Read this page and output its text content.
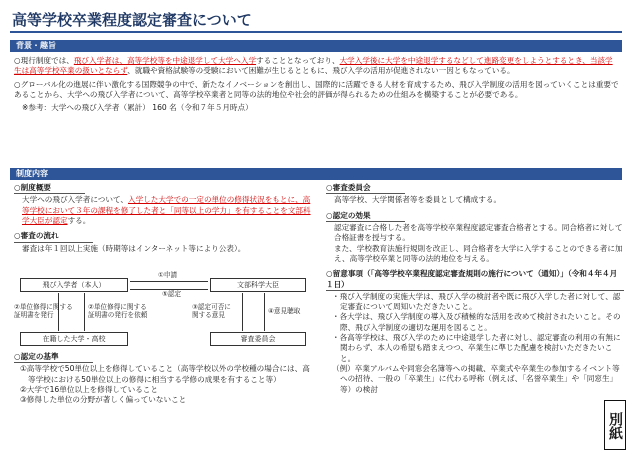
高等学校卒業程度認定審査について
背景・趣旨
○現行制度では、飛び入学者は、高等学校等を中途退学して大学へ入学することとなっており、大学入学後に大学を中途退学するなどして進路変更をしようとするとき、当該学生は高等学校卒業の扱いとならず、就職や資格試験等の受験において困難が生じるとともに、飛び入学の活用が促進されない一因ともなっている。
○グローバル化の進展に伴い激化する国際競争の中で、新たなイノベーションを創出し、国際的に活躍できる人材を育成するため、飛び入学制度の活用を図っていくことは重要であることから、大学への飛び入学者について、高等学校卒業者と同等の法的地位や社会的評価が得られるための仕組みを構築することが必要である。
※参考：大学への飛び入学者（累計） 160 名（令和７年５月時点）
制度内容
○制度概要
大学への飛び入学者について、入学した大学での一定の単位の修得状況をもとに、高等学校において３年の課程を修了した者と「同等以上の学力」を有することを文部科学大臣が認定する。
○審査の流れ
審査は年１回以上実施（時期等はインターネット等により公表）。
飛び入学者（本人）	文部科学大臣
在籍した大学・高校	審査委員会
①申請
⑤認定
②単位修得に関する
証明書を発行
②単位修得に関する
証明書の発行を依頼
③認定可否に
関する意見	④意見聴取
○認定の基準
①高等学校で50単位以上を修得していること（高等学校以外の学校種の場合には、高等学校における50単位以上の修得に相当する学修の成果を有すること等）
②大学で16単位以上を修得していること
③修得した単位の分野が著しく偏っていないこと
○審査委員会
高等学校、大学関係者等を委員として構成する。
○認定の効果
認定審査に合格した者を高等学校卒業程度認定審査合格者とする。同合格者に対して合格証書を授与する。
また、学校教育法施行規則を改正し、同合格者を大学に入学することのできる者に加え、高等学校卒業と同等の法的地位を与える。
○留意事項（「高等学校卒業程度認定審査規則の施行について（通知）」（令和４年４月１日）
・飛び入学制度の実施大学は、飛び入学の検討者や既に飛び入学した者に対して、認定審査について周知いただきたいこと。
・各大学は、飛び入学制度の導入及び積極的な活用を改めて検討されたいこと。その際、飛び入学制度の適切な運用を図ること。
・各高等学校は、飛び入学のために中途退学した者に対し、認定審査の利用の有無に関わらず、本人の希望も踏まえつつ、卒業生に準じた配慮を検討いただきたいこと。
（例）卒業アルバムや同窓会名簿等への掲載、卒業式や卒業生の参加するイベント等への招待、一般の「卒業生」に代わる呼称（例えば、「名誉卒業生」や「同窓生」等）の検討
別紙
